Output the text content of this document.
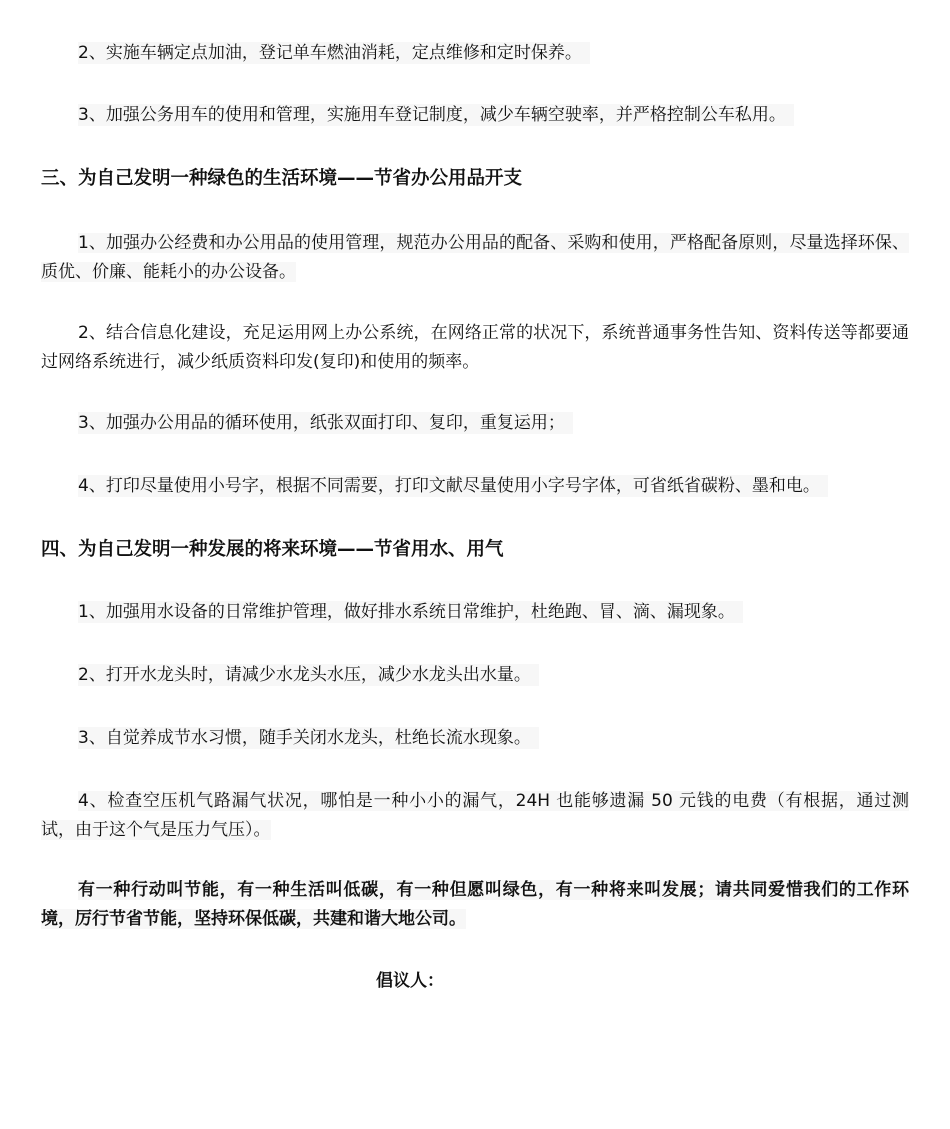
2、实施车辆定点加油，登记单车燃油消耗，定点维修和定时保养。
3、加强公务用车的使用和管理，实施用车登记制度，减少车辆空驶率，并严格控制公车私用。
三、为自己发明一种绿色的生活环境——节省办公用品开支
1、加强办公经费和办公用品的使用管理，规范办公用品的配备、采购和使用，严格配备原则，尽量选择环保、质优、价廉、能耗小的办公设备。
2、结合信息化建设，充足运用网上办公系统，在网络正常的状况下，系统普通事务性告知、资料传送等都要通过网络系统进行，减少纸质资料印发(复印)和使用的频率。
3、加强办公用品的循环使用，纸张双面打印、复印，重复运用；
4、打印尽量使用小号字，根据不同需要，打印文献尽量使用小字号字体，可省纸省碳粉、墨和电。
四、为自己发明一种发展的将来环境——节省用水、用气
1、加强用水设备的日常维护管理，做好排水系统日常维护，杜绝跑、冒、滴、漏现象。
2、打开水龙头时，请减少水龙头水压，减少水龙头出水量。
3、自觉养成节水习惯，随手关闭水龙头，杜绝长流水现象。
4、检查空压机气路漏气状况，哪怕是一种小小的漏气，24H 也能够遗漏 50 元钱的电费（有根据，通过测试，由于这个气是压力气压）。
有一种行动叫节能，有一种生活叫低碳，有一种但愿叫绿色，有一种将来叫发展；请共同爱惜我们的工作环境，厉行节省节能，坚持环保低碳，共建和谐大地公司。
倡议人：
